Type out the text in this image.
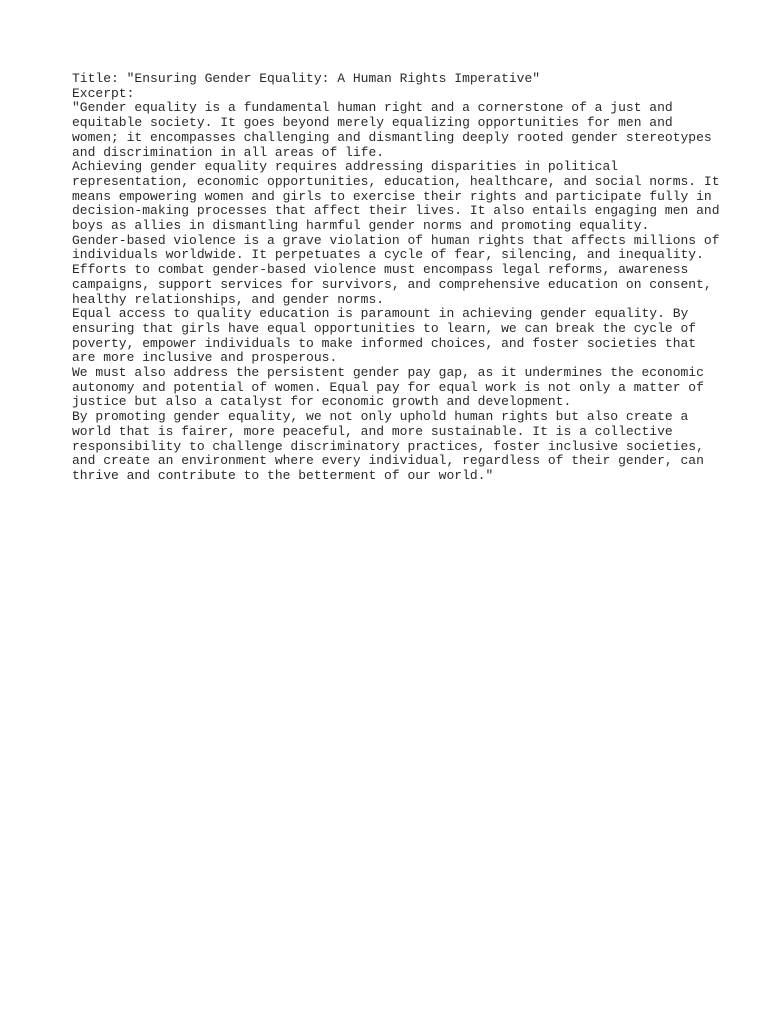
Title: "Ensuring Gender Equality: A Human Rights Imperative"
Excerpt:
"Gender equality is a fundamental human right and a cornerstone of a just and
equitable society. It goes beyond merely equalizing opportunities for men and
women; it encompasses challenging and dismantling deeply rooted gender stereotypes
and discrimination in all areas of life.
Achieving gender equality requires addressing disparities in political
representation, economic opportunities, education, healthcare, and social norms. It
means empowering women and girls to exercise their rights and participate fully in
decision-making processes that affect their lives. It also entails engaging men and
boys as allies in dismantling harmful gender norms and promoting equality.
Gender-based violence is a grave violation of human rights that affects millions of
individuals worldwide. It perpetuates a cycle of fear, silencing, and inequality.
Efforts to combat gender-based violence must encompass legal reforms, awareness
campaigns, support services for survivors, and comprehensive education on consent,
healthy relationships, and gender norms.
Equal access to quality education is paramount in achieving gender equality. By
ensuring that girls have equal opportunities to learn, we can break the cycle of
poverty, empower individuals to make informed choices, and foster societies that
are more inclusive and prosperous.
We must also address the persistent gender pay gap, as it undermines the economic
autonomy and potential of women. Equal pay for equal work is not only a matter of
justice but also a catalyst for economic growth and development.
By promoting gender equality, we not only uphold human rights but also create a
world that is fairer, more peaceful, and more sustainable. It is a collective
responsibility to challenge discriminatory practices, foster inclusive societies,
and create an environment where every individual, regardless of their gender, can
thrive and contribute to the betterment of our world."
